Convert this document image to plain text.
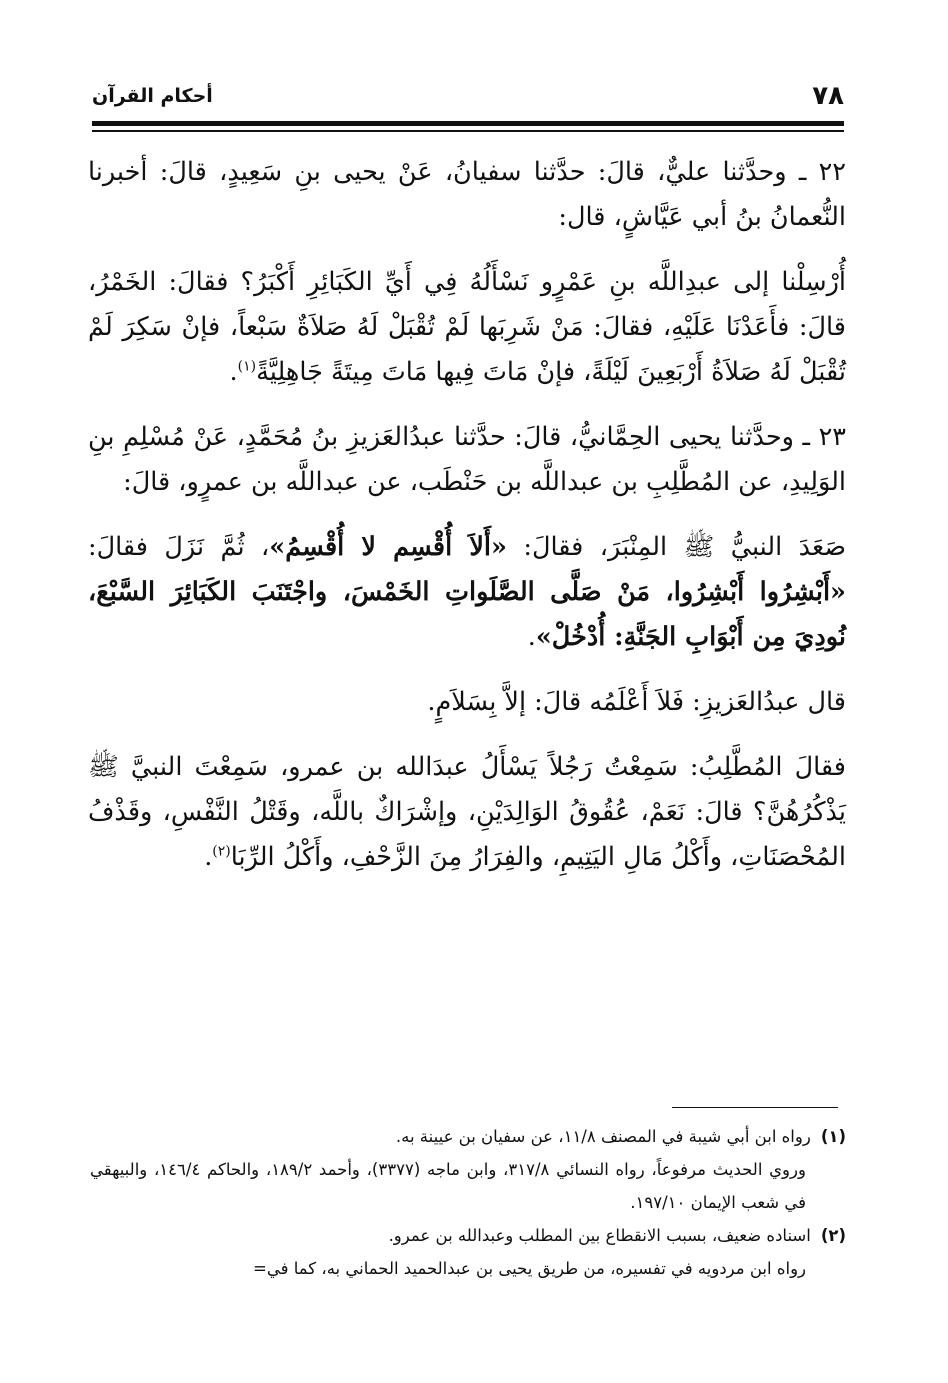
٧٨
أحكام القرآن

٢٢ ـ وحدَّثنا عليٌّ، قالَ: حدَّثنا سفيانُ، عَنْ يحيى بنِ سَعِيدٍ، قالَ: أخبرنا النُّعمانُ بنُ أبي عَيَّاشٍ، قال:

أُرْسِلْنا إلى عبدِاللَّه بنِ عَمْرٍو نَسْأَلُهُ فِي أَيِّ الكَبَائِرِ أَكْبَرُ؟ فقالَ: الخَمْرُ، قالَ: فأَعَدْنَا عَلَيْهِ، فقالَ: مَنْ شَرِبَها لَمْ تُقْبَلْ لَهُ صَلاَةٌ سَبْعاً، فإنْ سَكِرَ لَمْ تُقْبَلْ لَهُ صَلاَةُ أَرْبَعِينَ لَيْلَةً، فإنْ مَاتَ فِيها مَاتَ مِيتَةً جَاهِلِيَّةً$^{(١)}$.

٢٣ ـ وحدَّثنا يحيى الحِمَّانيُّ، قالَ: حدَّثنا عبدُالعَزيزِ بنُ مُحَمَّدٍ، عَنْ مُسْلِمِ بنِ الوَلِيدِ، عن المُطَّلِبِ بن عبداللَّه بن حَنْطَب، عن عبداللَّه بن عمرٍو، قالَ:

صَعَدَ النبيُّ ﷺ المِنْبَرَ، فقالَ: «أَلاَ أُقْسِم لا أُقْسِمُ»، ثُمَّ نَزَلَ فقالَ: «أَبْشِرُوا أَبْشِرُوا، مَنْ صَلَّى الصَّلَواتِ الخَمْسَ، واجْتَنَبَ الكَبَائِرَ السَّبْعَ، نُودِيَ مِن أَبْوَابِ الجَنَّةِ: أُدْخُلْ».

قال عبدُالعَزيزِ: فَلاَ أَعْلَمُه قالَ: إلاَّ بِسَلاَمٍ.

فقالَ المُطَّلِبُ: سَمِعْتُ رَجُلاً يَسْأَلُ عبدَالله بن عمرو، سَمِعْتَ النبيَّ ﷺ يَذْكُرُهُنَّ؟ قالَ: نَعَمْ، عُقُوقُ الوَالِدَيْنِ، وإشْرَاكٌ باللَّه، وقَتْلُ النَّفْسِ، وقَذْفُ المُحْصَنَاتِ، وأَكْلُ مَالِ اليَتِيمِ، والفِرَارُ مِنَ الزَّحْفِ، وأَكْلُ الرِّبَا$^{(٢)}$.

(١)رواه ابن أبي شيبة في المصنف ١١/٨، عن سفيان بن عيينة به.

وروي الحديث مرفوعاً، رواه النسائي ٣١٧/٨، وابن ماجه (٣٣٧٧)، وأحمد ١٨٩/٢، والحاكم ١٤٦/٤، والبيهقي في شعب الإيمان ١٩٧/١٠.

(٢)اسناده ضعيف، بسبب الانقطاع بين المطلب وعبدالله بن عمرو.

رواه ابن مردويه في تفسيره، من طريق يحيى بن عبدالحميد الحماني به، كما في=
